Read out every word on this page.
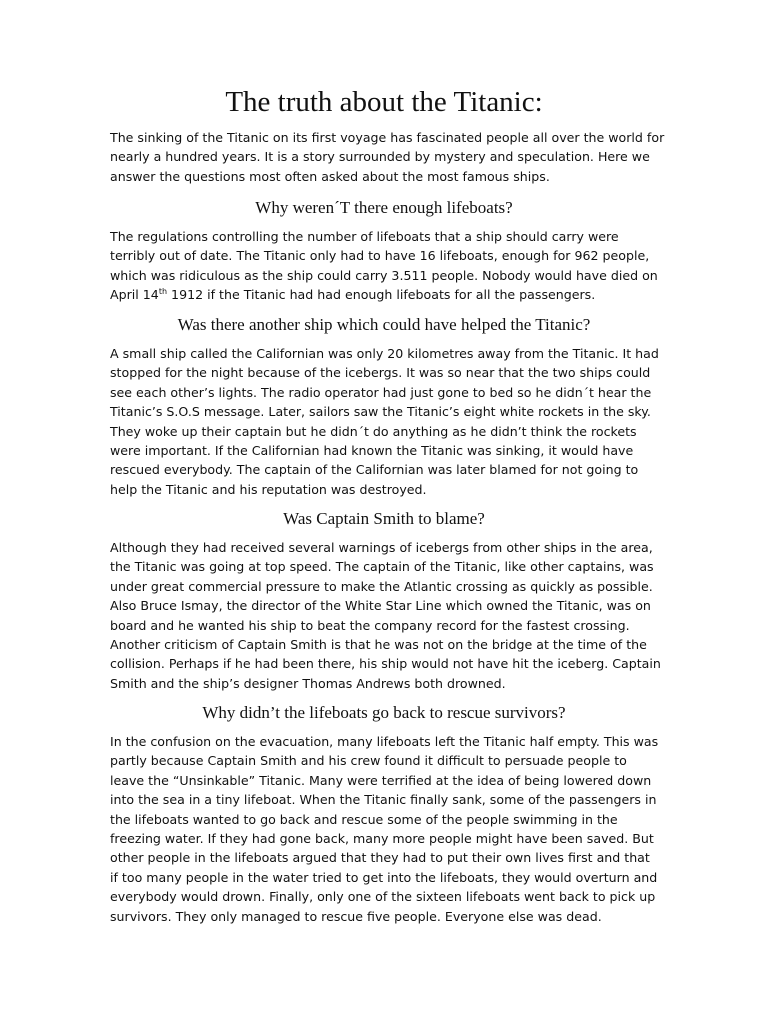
The truth about the Titanic:

The sinking of the Titanic on its first voyage has fascinated people all over the world for
nearly a hundred years. It is a story surrounded by mystery and speculation. Here we
answer the questions most often asked about the most famous ships.

Why weren´T there enough lifeboats?

The regulations controlling the number of lifeboats that a ship should carry were
terribly out of date. The Titanic only had to have 16 lifeboats, enough for 962 people,
which was ridiculous as the ship could carry 3.511 people. Nobody would have died on
April 14th 1912 if the Titanic had had enough lifeboats for all the passengers.

Was there another ship which could have helped the Titanic?

A small ship called the Californian was only 20 kilometres away from the Titanic. It had
stopped for the night because of the icebergs. It was so near that the two ships could
see each other’s lights. The radio operator had just gone to bed so he didn´t hear the
Titanic’s S.O.S message. Later, sailors saw the Titanic’s eight white rockets in the sky.
They woke up their captain but he didn´t do anything as he didn’t think the rockets
were important. If the Californian had known the Titanic was sinking, it would have
rescued everybody. The captain of the Californian was later blamed for not going to
help the Titanic and his reputation was destroyed.

Was Captain Smith to blame?

Although they had received several warnings of icebergs from other ships in the area,
the Titanic was going at top speed. The captain of the Titanic, like other captains, was
under great commercial pressure to make the Atlantic crossing as quickly as possible.
Also Bruce Ismay, the director of the White Star Line which owned the Titanic, was on
board and he wanted his ship to beat the company record for the fastest crossing.
Another criticism of Captain Smith is that he was not on the bridge at the time of the
collision. Perhaps if he had been there, his ship would not have hit the iceberg. Captain
Smith and the ship’s designer Thomas Andrews both drowned.

Why didn’t the lifeboats go back to rescue survivors?

In the confusion on the evacuation, many lifeboats left the Titanic half empty. This was
partly because Captain Smith and his crew found it difficult to persuade people to
leave the “Unsinkable” Titanic. Many were terrified at the idea of being lowered down
into the sea in a tiny lifeboat. When the Titanic finally sank, some of the passengers in
the lifeboats wanted to go back and rescue some of the people swimming in the
freezing water. If they had gone back, many more people might have been saved. But
other people in the lifeboats argued that they had to put their own lives first and that
if too many people in the water tried to get into the lifeboats, they would overturn and
everybody would drown. Finally, only one of the sixteen lifeboats went back to pick up
survivors. They only managed to rescue five people. Everyone else was dead.
